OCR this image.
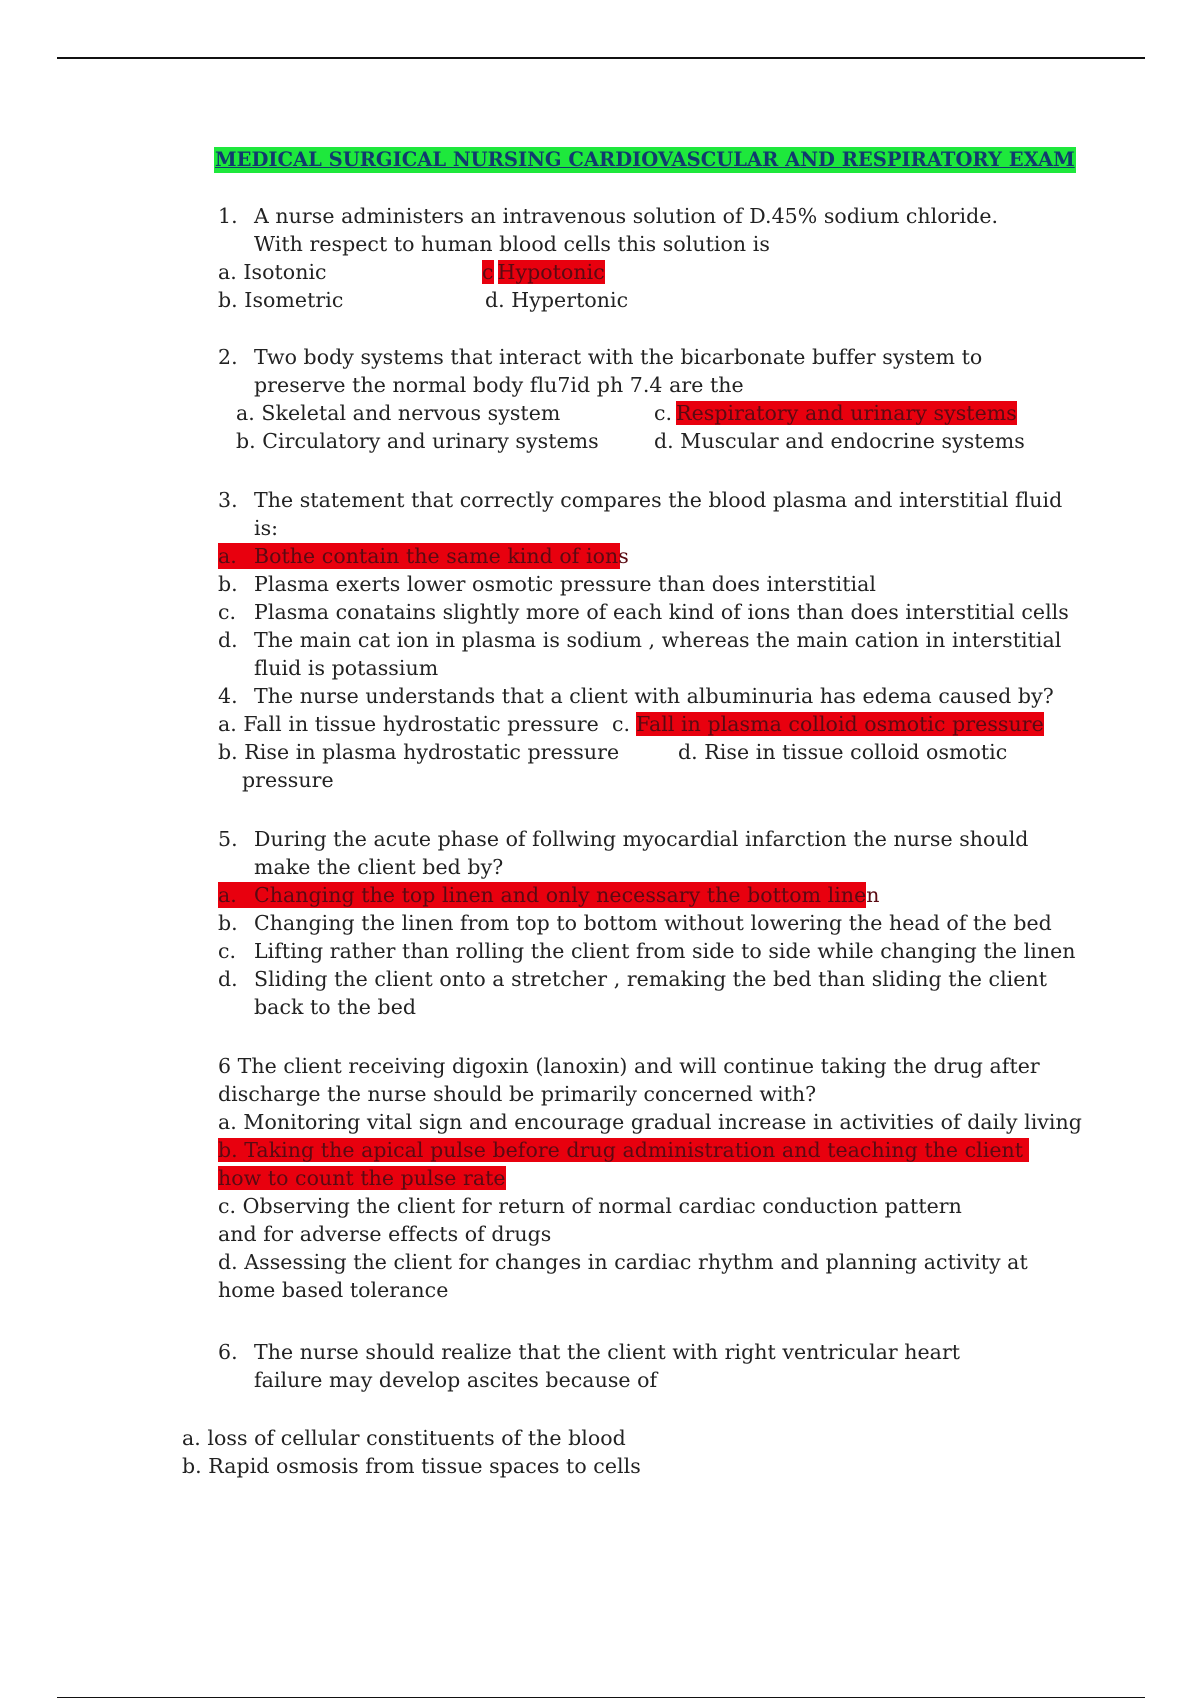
MEDICAL SURGICAL NURSING CARDIOVASCULAR AND RESPIRATORY EXAM
1. A nurse administers an intravenous solution of D.45% sodium chloride.
With respect to human blood cells this solution is
a. Isotonic	c Hypotonic
b. Isometric	d. Hypertonic
2. Two body systems that interact with the bicarbonate buffer system to
preserve the normal body flu7id ph 7.4 are the
a. Skeletal and nervous system	c. Respiratory and urinary systems
b. Circulatory and urinary systems	d. Muscular and endocrine systems
3. The statement that correctly compares the blood plasma and interstitial fluid
is:
a. Bothe contain the same kind of ions
b. Plasma exerts lower osmotic pressure than does interstitial
c. Plasma conatains slightly more of each kind of ions than does interstitial cells
d. The main cat ion in plasma is sodium , whereas the main cation in interstitial
fluid is potassium
4. The nurse understands that a client with albuminuria has edema caused by?
a. Fall in tissue hydrostatic pressure c. Fall in plasma colloid osmotic pressure
b. Rise in plasma hydrostatic pressure	d. Rise in tissue colloid osmotic
pressure
5. During the acute phase of follwing myocardial infarction the nurse should
make the client bed by?
a. Changing the top linen and only necessary the bottom linen
b. Changing the linen from top to bottom without lowering the head of the bed
c. Lifting rather than rolling the client from side to side while changing the linen
d. Sliding the client onto a stretcher , remaking the bed than sliding the client
back to the bed
6 The client receiving digoxin (lanoxin) and will continue taking the drug after
discharge the nurse should be primarily concerned with?
a. Monitoring vital sign and encourage gradual increase in activities of daily living
b. Taking the apical pulse before drug administration and teaching the client
how to count the pulse rate
c. Observing the client for return of normal cardiac conduction pattern
and for adverse effects of drugs
d. Assessing the client for changes in cardiac rhythm and planning activity at
home based tolerance
6. The nurse should realize that the client with right ventricular heart
failure may develop ascites because of
a. loss of cellular constituents of the blood
b. Rapid osmosis from tissue spaces to cells
